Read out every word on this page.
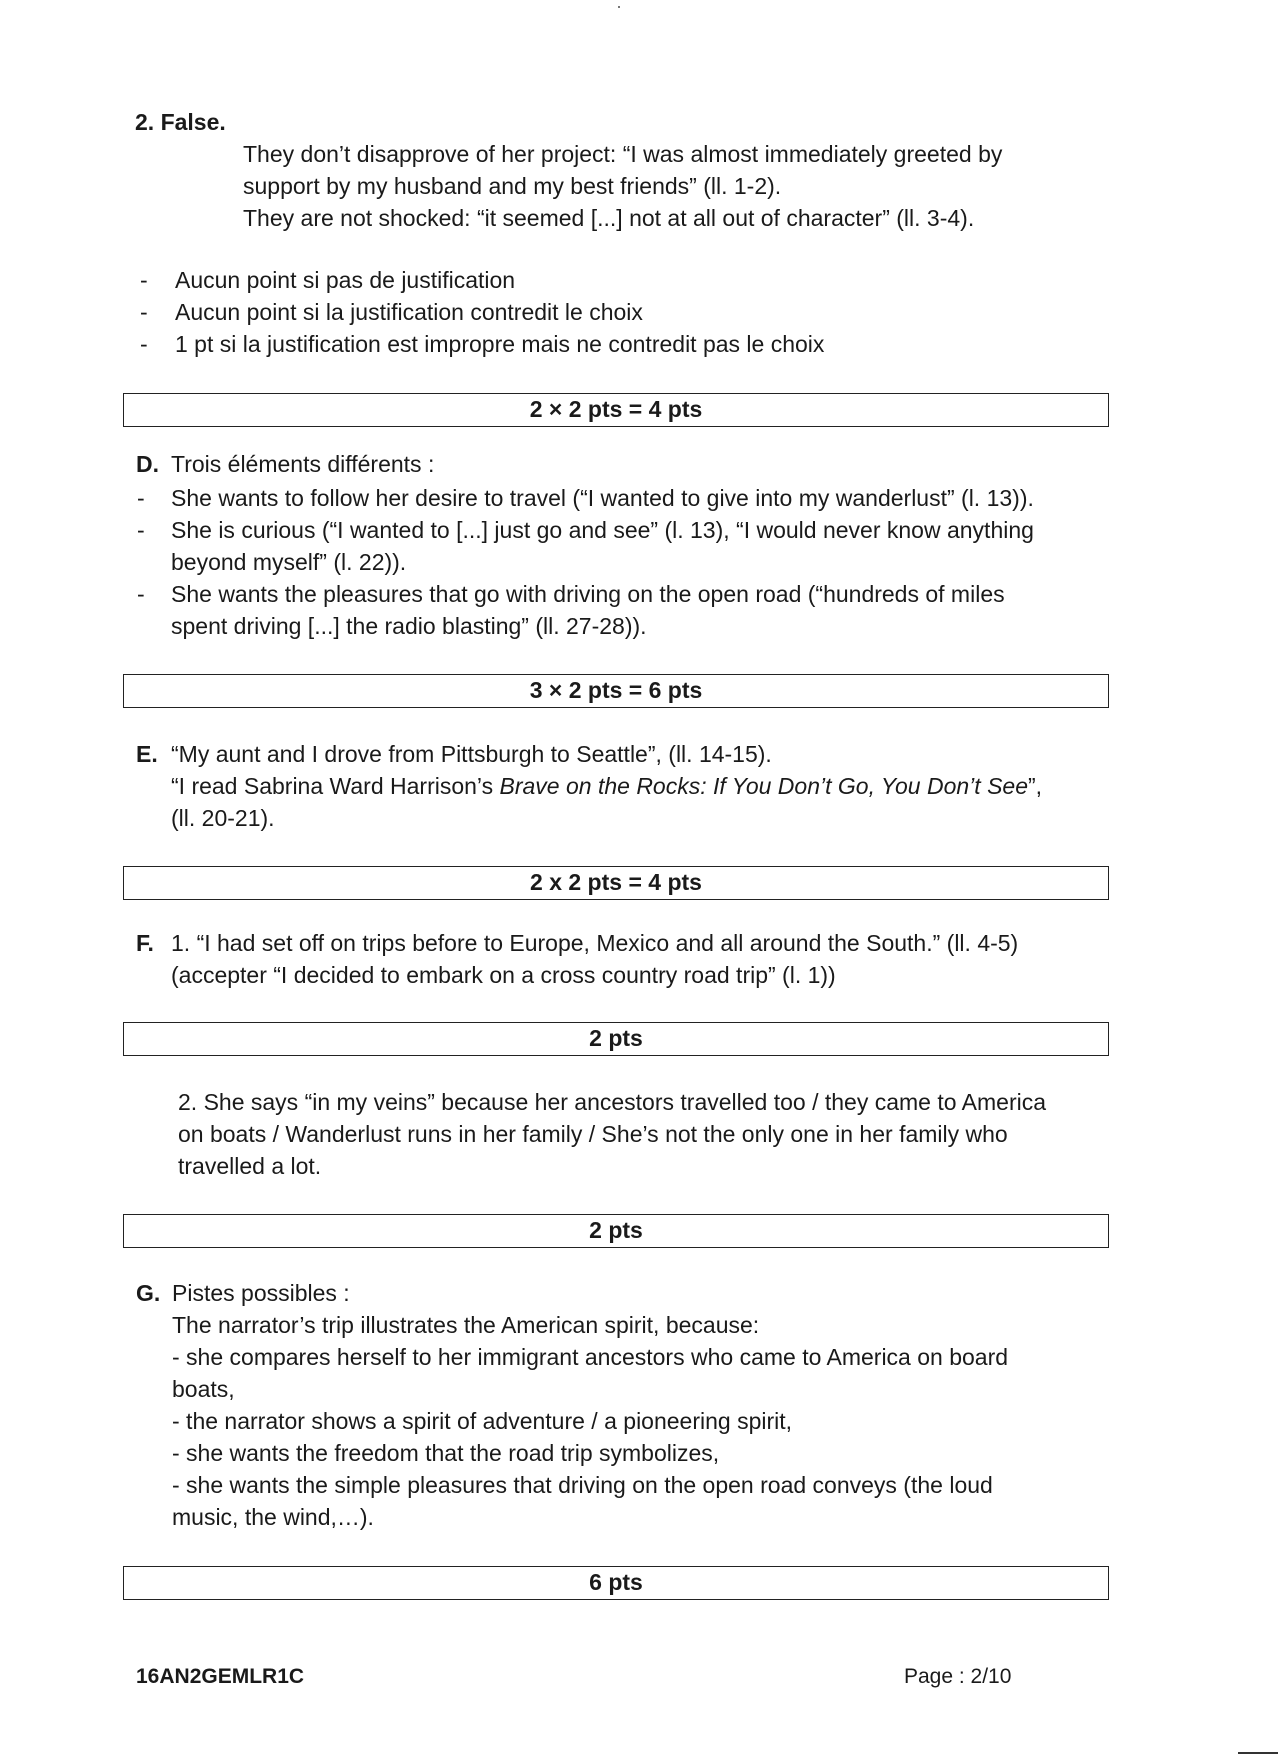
2. False.
They don’t disapprove of her project: “I was almost immediately greeted by
support by my husband and my best friends” (ll. 1-2).
They are not shocked: “it seemed [...] not at all out of character” (ll. 3-4).
- Aucun point si pas de justification
- Aucun point si la justification contredit le choix
- 1 pt si la justification est impropre mais ne contredit pas le choix
2 × 2 pts = 4 pts
D. Trois éléments différents :
- She wants to follow her desire to travel (“I wanted to give into my wanderlust” (l. 13)).
- She is curious (“I wanted to [...] just go and see” (l. 13), “I would never know anything
beyond myself” (l. 22)).
- She wants the pleasures that go with driving on the open road (“hundreds of miles
spent driving [...] the radio blasting” (ll. 27-28)).
3 × 2 pts = 6 pts
E. “My aunt and I drove from Pittsburgh to Seattle”, (ll. 14-15).
“I read Sabrina Ward Harrison’s Brave on the Rocks: If You Don’t Go, You Don’t See”,
(ll. 20-21).
2 x 2 pts = 4 pts
F. 1. “I had set off on trips before to Europe, Mexico and all around the South.” (ll. 4-5)
(accepter “I decided to embark on a cross country road trip” (l. 1))
2 pts
2. She says “in my veins” because her ancestors travelled too / they came to America
on boats / Wanderlust runs in her family / She’s not the only one in her family who
travelled a lot.
2 pts
G. Pistes possibles :
The narrator’s trip illustrates the American spirit, because:
- she compares herself to her immigrant ancestors who came to America on board
boats,
- the narrator shows a spirit of adventure / a pioneering spirit,
- she wants the freedom that the road trip symbolizes,
- she wants the simple pleasures that driving on the open road conveys (the loud
music, the wind,…).
6 pts
16AN2GEMLR1C	Page : 2/10
